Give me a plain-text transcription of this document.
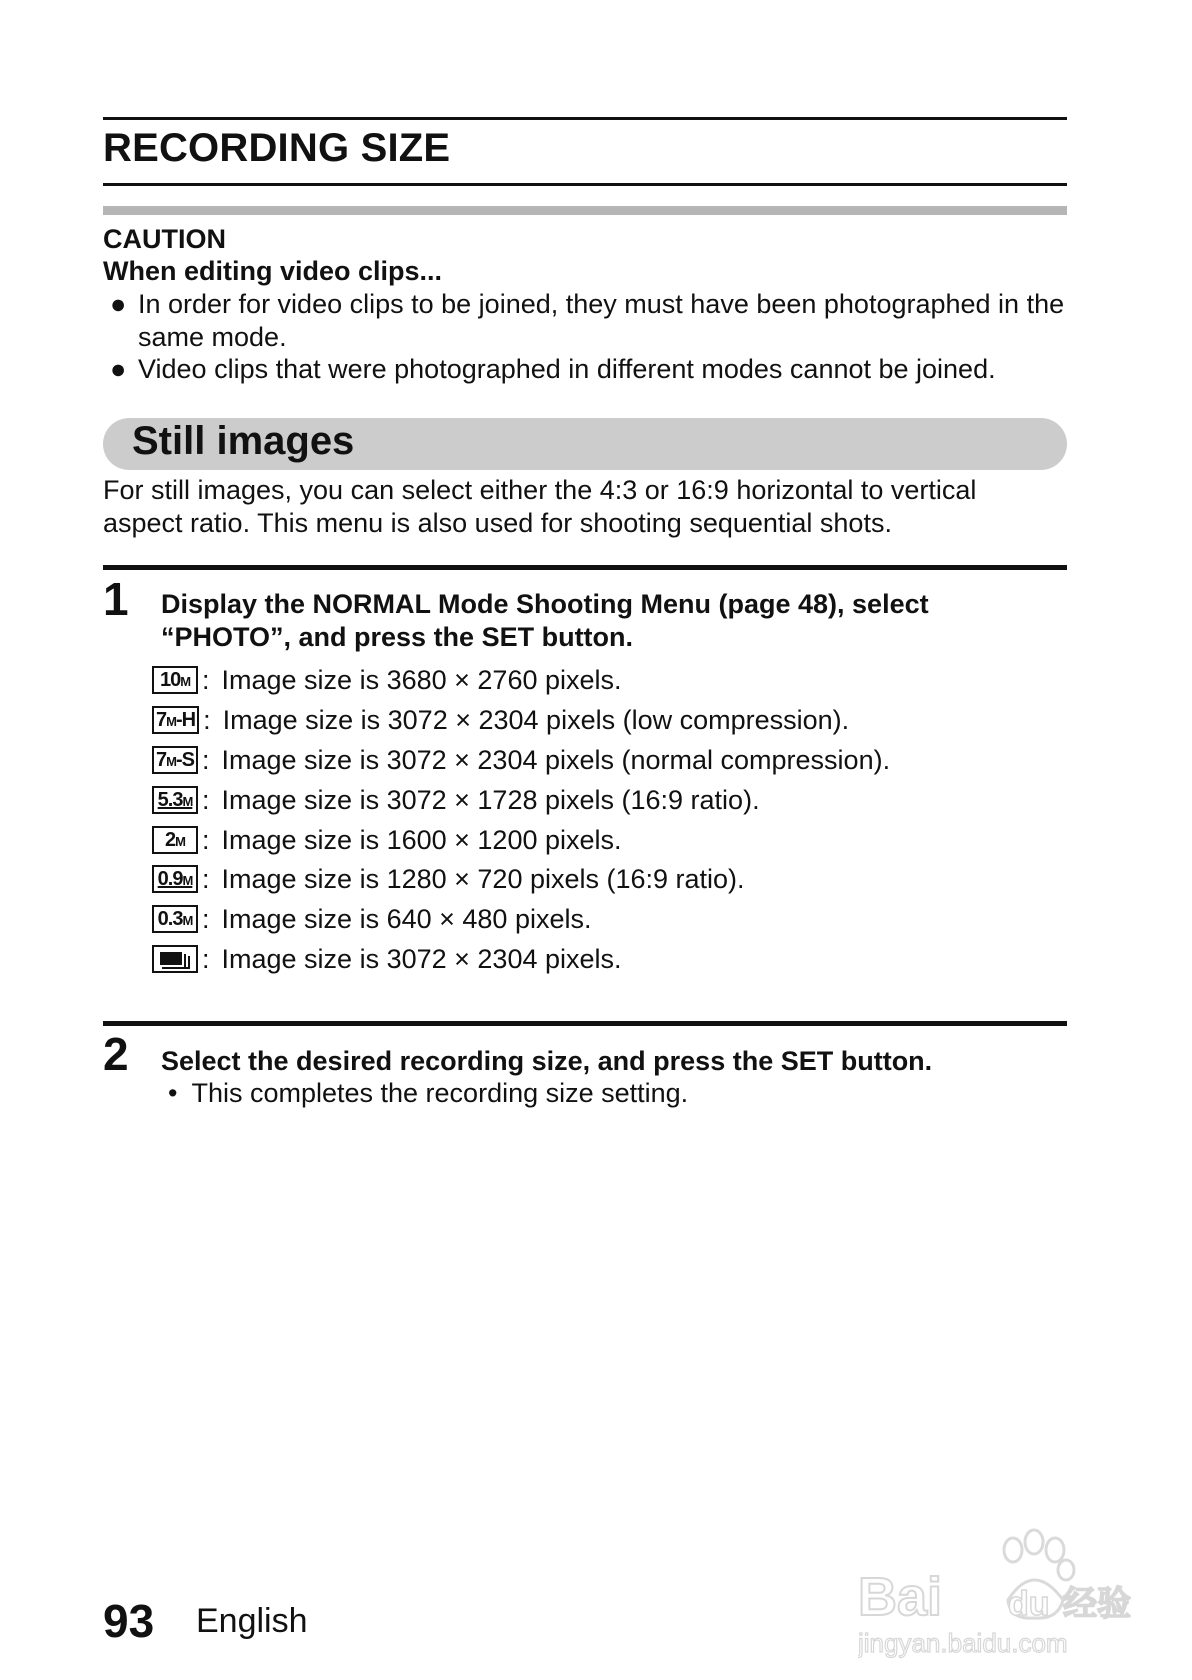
RECORDING SIZE
CAUTION
When editing video clips...
● In order for video clips to be joined, they must have been photographed in the same mode.
● Video clips that were photographed in different modes cannot be joined.
Still images
For still images, you can select either the 4:3 or 16:9 horizontal to vertical aspect ratio. This menu is also used for shooting sequential shots.
1 Display the NORMAL Mode Shooting Menu (page 48), select “PHOTO”, and press the SET button.
10M : Image size is 3680 × 2760 pixels.
7M-H : Image size is 3072 × 2304 pixels (low compression).
7M-S : Image size is 3072 × 2304 pixels (normal compression).
5.3M : Image size is 3072 × 1728 pixels (16:9 ratio).
2M : Image size is 1600 × 1200 pixels.
0.9M : Image size is 1280 × 720 pixels (16:9 ratio).
0.3M : Image size is 640 × 480 pixels.
: Image size is 3072 × 2304 pixels.
2 Select the desired recording size, and press the SET button.
• This completes the recording size setting.
93 English	Bai du 经验
jingyan.baidu.com
